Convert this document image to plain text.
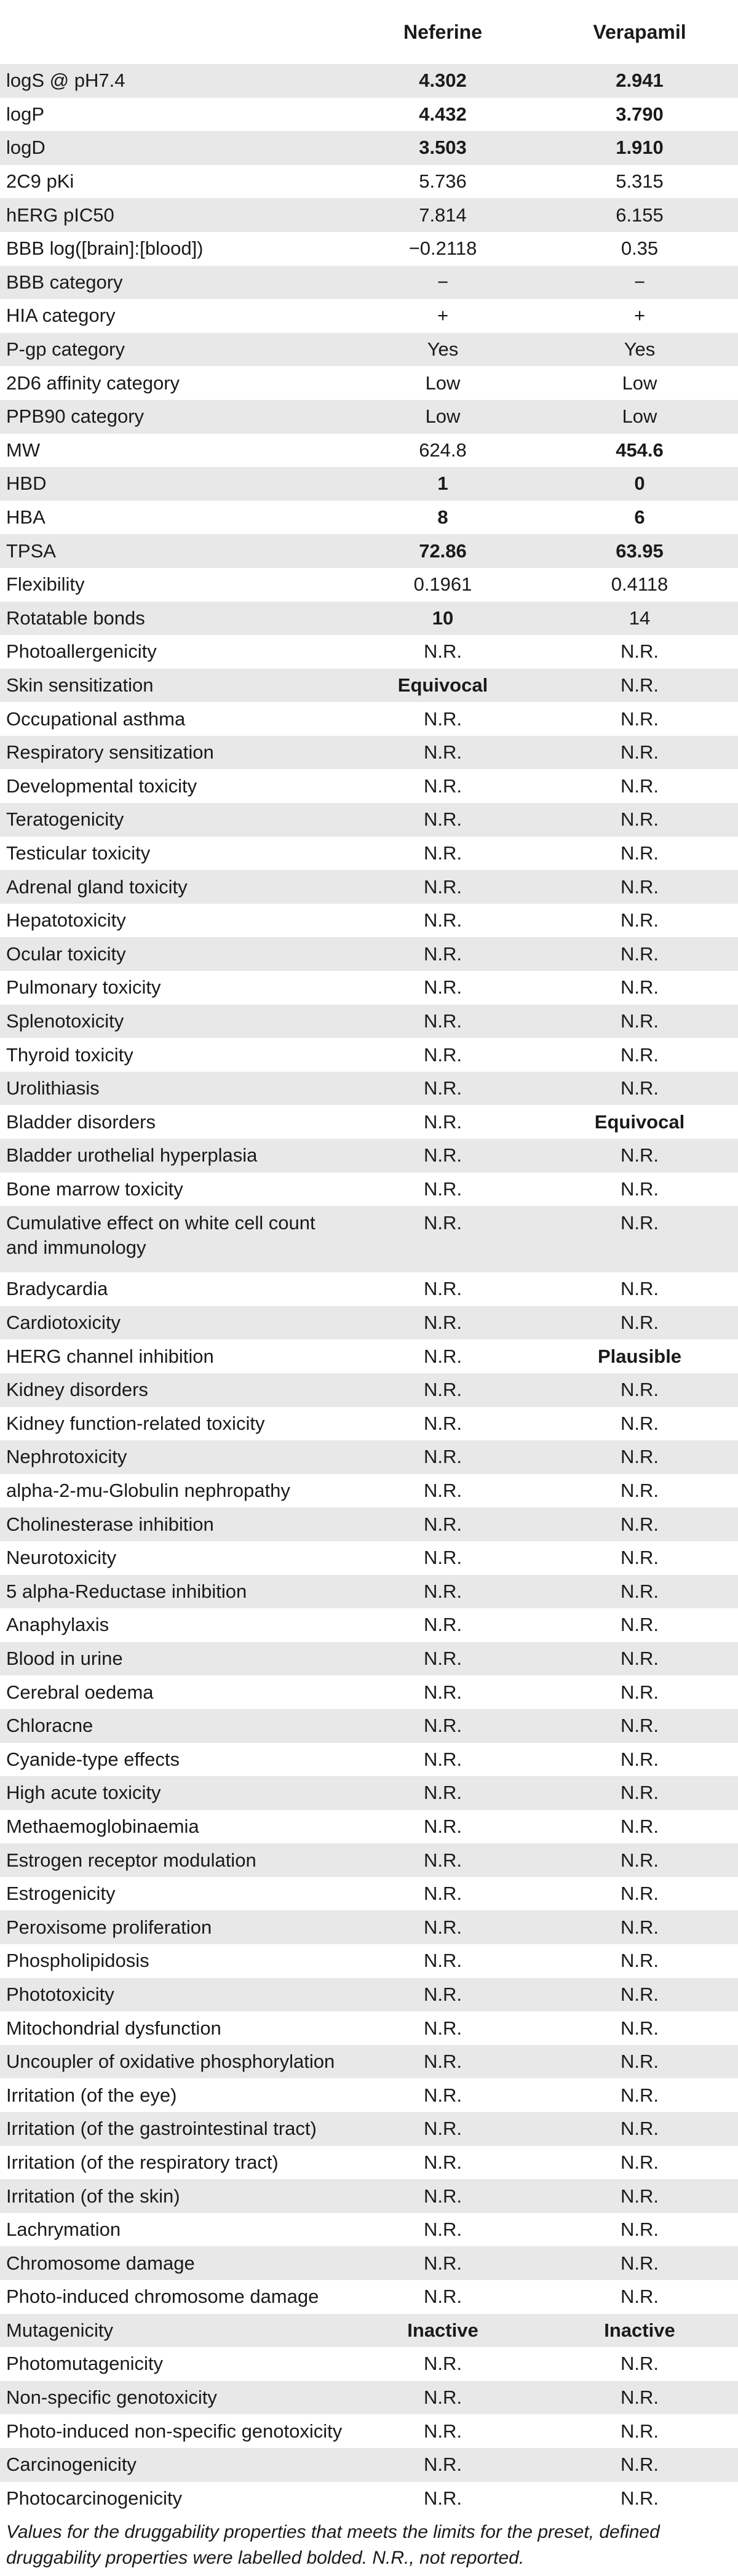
	Neferine	Verapamil
logS @ pH7.4	4.302	2.941
logP	4.432	3.790
logD	3.503	1.910
2C9 pKi	5.736	5.315
hERG pIC50	7.814	6.155
BBB log([brain]:[blood])	−0.2118	0.35
BBB category	−	−
HIA category	+	+
P-gp category	Yes	Yes
2D6 affinity category	Low	Low
PPB90 category	Low	Low
MW	624.8	454.6
HBD	1	0
HBA	8	6
TPSA	72.86	63.95
Flexibility	0.1961	0.4118
Rotatable bonds	10	14
Photoallergenicity	N.R.	N.R.
Skin sensitization	Equivocal	N.R.
Occupational asthma	N.R.	N.R.
Respiratory sensitization	N.R.	N.R.
Developmental toxicity	N.R.	N.R.
Teratogenicity	N.R.	N.R.
Testicular toxicity	N.R.	N.R.
Adrenal gland toxicity	N.R.	N.R.
Hepatotoxicity	N.R.	N.R.
Ocular toxicity	N.R.	N.R.
Pulmonary toxicity	N.R.	N.R.
Splenotoxicity	N.R.	N.R.
Thyroid toxicity	N.R.	N.R.
Urolithiasis	N.R.	N.R.
Bladder disorders	N.R.	Equivocal
Bladder urothelial hyperplasia	N.R.	N.R.
Bone marrow toxicity	N.R.	N.R.
Cumulative effect on white cell count and immunology	N.R.	N.R.
Bradycardia	N.R.	N.R.
Cardiotoxicity	N.R.	N.R.
HERG channel inhibition	N.R.	Plausible
Kidney disorders	N.R.	N.R.
Kidney function-related toxicity	N.R.	N.R.
Nephrotoxicity	N.R.	N.R.
alpha-2-mu-Globulin nephropathy	N.R.	N.R.
Cholinesterase inhibition	N.R.	N.R.
Neurotoxicity	N.R.	N.R.
5 alpha-Reductase inhibition	N.R.	N.R.
Anaphylaxis	N.R.	N.R.
Blood in urine	N.R.	N.R.
Cerebral oedema	N.R.	N.R.
Chloracne	N.R.	N.R.
Cyanide-type effects	N.R.	N.R.
High acute toxicity	N.R.	N.R.
Methaemoglobinaemia	N.R.	N.R.
Estrogen receptor modulation	N.R.	N.R.
Estrogenicity	N.R.	N.R.
Peroxisome proliferation	N.R.	N.R.
Phospholipidosis	N.R.	N.R.
Phototoxicity	N.R.	N.R.
Mitochondrial dysfunction	N.R.	N.R.
Uncoupler of oxidative phosphorylation	N.R.	N.R.
Irritation (of the eye)	N.R.	N.R.
Irritation (of the gastrointestinal tract)	N.R.	N.R.
Irritation (of the respiratory tract)	N.R.	N.R.
Irritation (of the skin)	N.R.	N.R.
Lachrymation	N.R.	N.R.
Chromosome damage	N.R.	N.R.
Photo-induced chromosome damage	N.R.	N.R.
Mutagenicity	Inactive	Inactive
Photomutagenicity	N.R.	N.R.
Non-specific genotoxicity	N.R.	N.R.
Photo-induced non-specific genotoxicity	N.R.	N.R.
Carcinogenicity	N.R.	N.R.
Photocarcinogenicity	N.R.	N.R.
Values for the druggability properties that meets the limits for the preset, defined druggability properties were labelled bolded. N.R., not reported.
